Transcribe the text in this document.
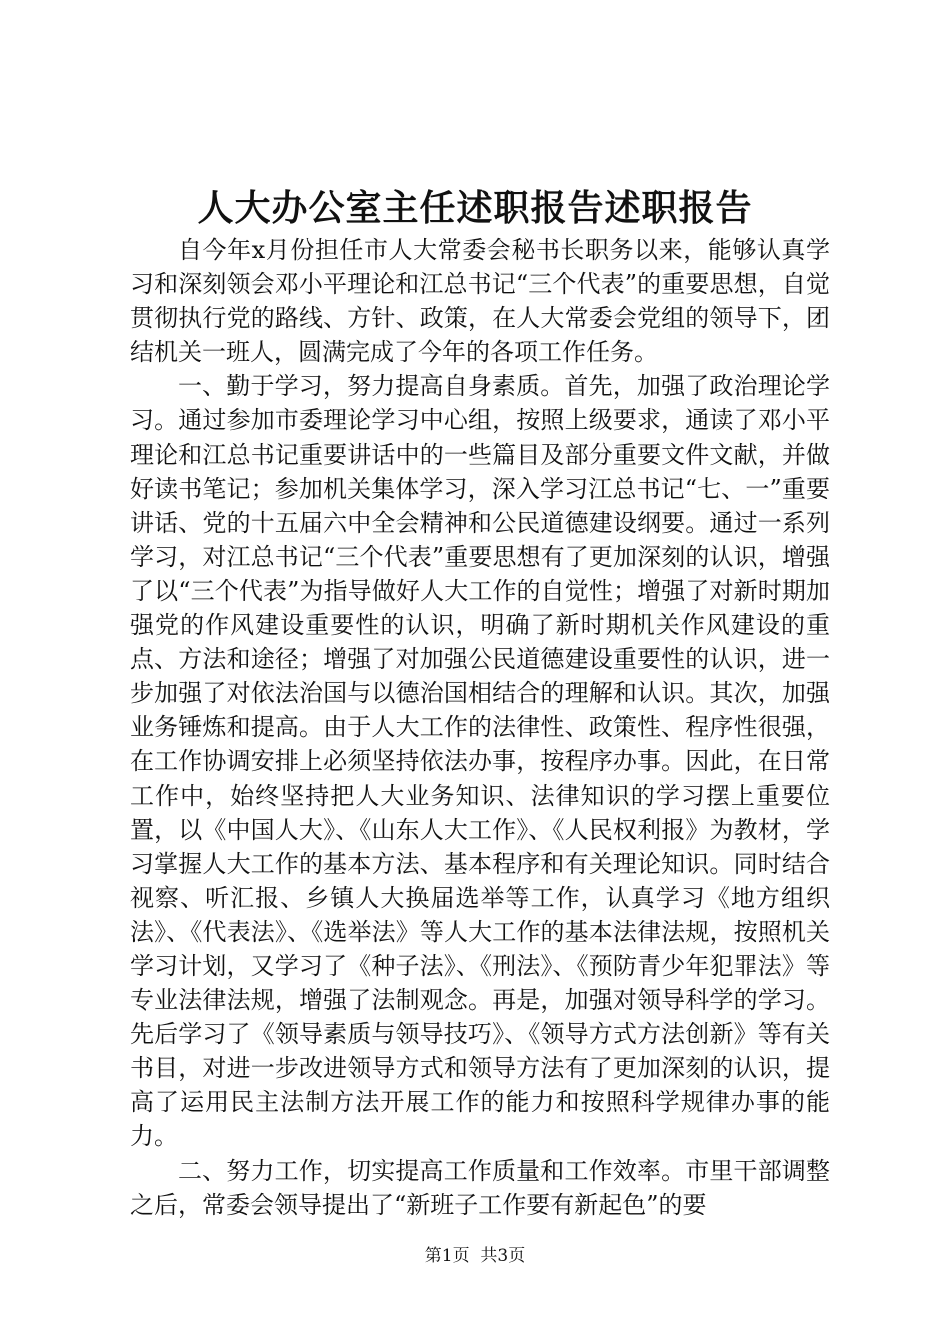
人大办公室主任述职报告述职报告

自今年x月份担任市人大常委会秘书长职务以来，能够认真学习和深刻领会邓小平理论和江总书记“三个代表”的重要思想，自觉贯彻执行党的路线、方针、政策，在人大常委会党组的领导下，团结机关一班人，圆满完成了今年的各项工作任务。

一、勤于学习，努力提高自身素质。首先，加强了政治理论学习。通过参加市委理论学习中心组，按照上级要求，通读了邓小平理论和江总书记重要讲话中的一些篇目及部分重要文件文献，并做好读书笔记；参加机关集体学习，深入学习江总书记“七、一”重要讲话、党的十五届六中全会精神和公民道德建设纲要。通过一系列学习，对江总书记“三个代表”重要思想有了更加深刻的认识，增强了以“三个代表”为指导做好人大工作的自觉性；增强了对新时期加强党的作风建设重要性的认识，明确了新时期机关作风建设的重点、方法和途径；增强了对加强公民道德建设重要性的认识，进一步加强了对依法治国与以德治国相结合的理解和认识。其次，加强业务锤炼和提高。由于人大工作的法律性、政策性、程序性很强，在工作协调安排上必须坚持依法办事，按程序办事。因此，在日常工作中，始终坚持把人大业务知识、法律知识的学习摆上重要位置，以《中国人大》、《山东人大工作》、《人民权利报》为教材，学习掌握人大工作的基本方法、基本程序和有关理论知识。同时结合视察、听汇报、乡镇人大换届选举等工作，认真学习《地方组织法》、《代表法》、《选举法》等人大工作的基本法律法规，按照机关学习计划，又学习了《种子法》、《刑法》、《预防青少年犯罪法》等专业法律法规，增强了法制观念。再是，加强对领导科学的学习。先后学习了《领导素质与领导技巧》、《领导方式方法创新》等有关书目，对进一步改进领导方式和领导方法有了更加深刻的认识，提高了运用民主法制方法开展工作的能力和按照科学规律办事的能力。

二、努力工作，切实提高工作质量和工作效率。市里干部调整之后，常委会领导提出了“新班子工作要有新起色”的要

第1页  共3页
